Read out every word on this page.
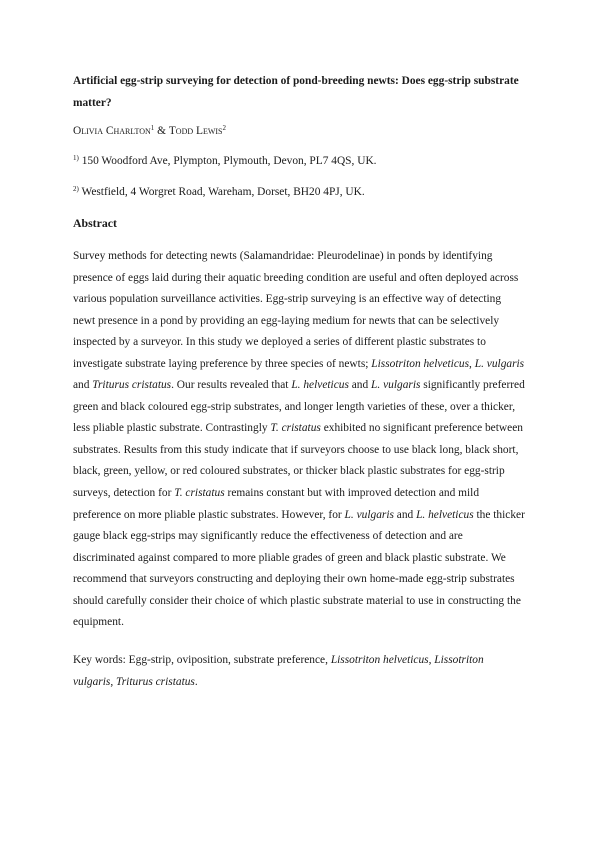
Artificial egg-strip surveying for detection of pond-breeding newts: Does egg-strip substrate matter?

Olivia Charlton$^1$ & Todd Lewis$^2$

$^{1)}$ 150 Woodford Ave, Plympton, Plymouth, Devon, PL7 4QS, UK.

$^{2)}$ Westfield, 4 Worgret Road, Wareham, Dorset, BH20 4PJ, UK.

Abstract

Survey methods for detecting newts (Salamandridae: Pleurodelinae) in ponds by identifying presence of eggs laid during their aquatic breeding condition are useful and often deployed across various population surveillance activities. Egg-strip surveying is an effective way of detecting newt presence in a pond by providing an egg-laying medium for newts that can be selectively inspected by a surveyor. In this study we deployed a series of different plastic substrates to investigate substrate laying preference by three species of newts; Lissotriton helveticus, L. vulgaris and Triturus cristatus. Our results revealed that L. helveticus and L. vulgaris significantly preferred green and black coloured egg-strip substrates, and longer length varieties of these, over a thicker, less pliable plastic substrate. Contrastingly T. cristatus exhibited no significant preference between substrates. Results from this study indicate that if surveyors choose to use black long, black short, black, green, yellow, or red coloured substrates, or thicker black plastic substrates for egg-strip surveys, detection for T. cristatus remains constant but with improved detection and mild preference on more pliable plastic substrates. However, for L. vulgaris and L. helveticus the thicker gauge black egg-strips may significantly reduce the effectiveness of detection and are discriminated against compared to more pliable grades of green and black plastic substrate. We recommend that surveyors constructing and deploying their own home-made egg-strip substrates should carefully consider their choice of which plastic substrate material to use in constructing the equipment.

Key words: Egg-strip, oviposition, substrate preference, Lissotriton helveticus, Lissotriton vulgaris, Triturus cristatus.
